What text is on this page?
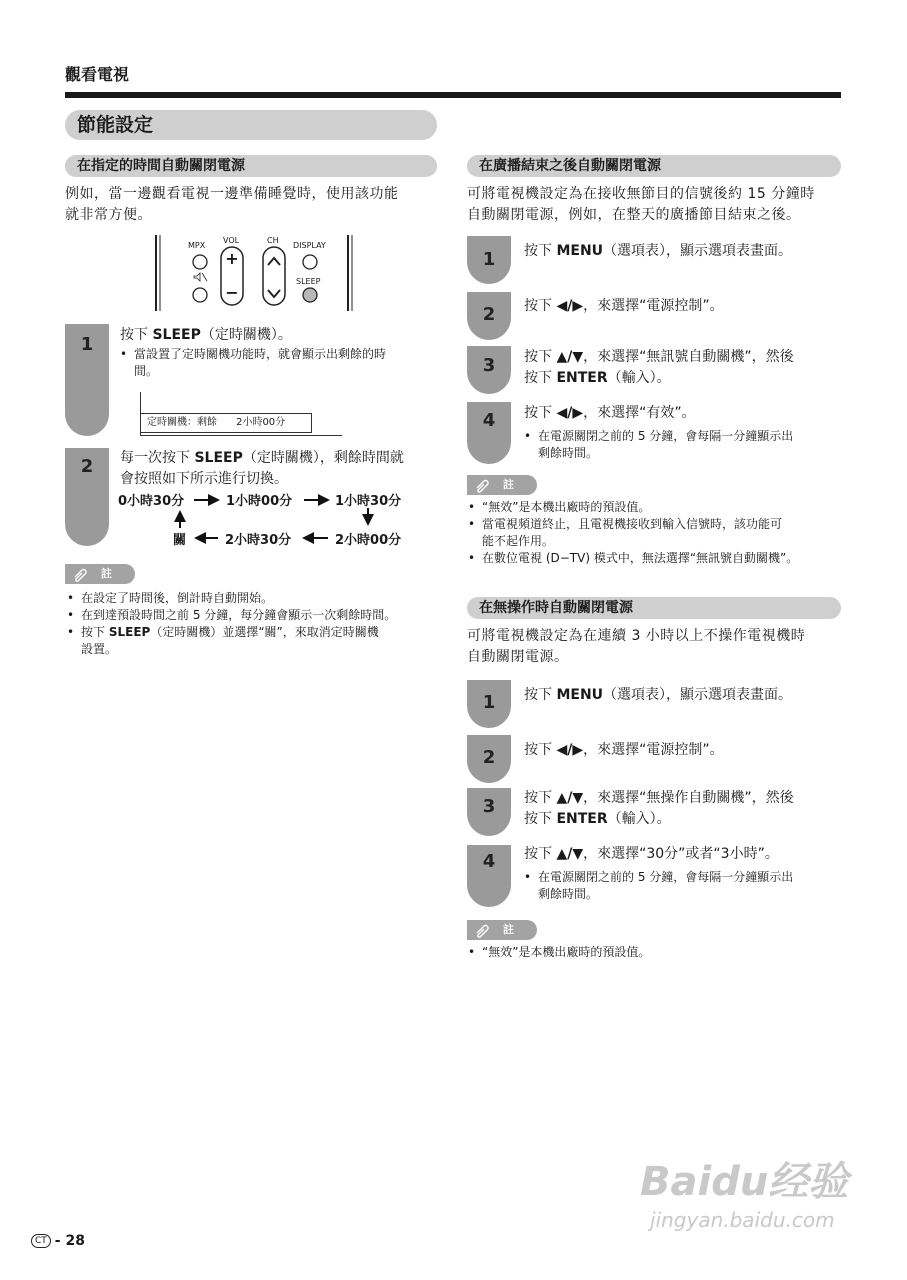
觀看電視
節能設定
在指定的時間自動關閉電源
例如，當一邊觀看電視一邊準備睡覺時，使用該功能
就非常方便。
MPX
VOL	CH
DISPLAY
SLEEP
+
−
1	按下 SLEEP（定時關機）。
• 當設置了定時關機功能時，就會顯示出剩餘的時
間。
定時關機：剩餘 2小時00分
2	每一次按下 SLEEP（定時關機），剩餘時間就
會按照如下所示進行切換。
0小時30分	1小時00分	1小時30分
關	2小時30分	2小時00分
註
• 在設定了時間後，倒計時自動開始。
• 在到達預設時間之前 5 分鐘，每分鐘會顯示一次剩餘時間。
• 按下 SLEEP（定時關機）並選擇“關”，來取消定時關機
設置。
在廣播結束之後自動關閉電源
可將電視機設定為在接收無節目的信號後約 15 分鐘時
自動關閉電源，例如，在整天的廣播節目結束之後。
1	按下 MENU（選項表），顯示選項表畫面。
2	按下 ◀/▶，來選擇“電源控制”。
3	按下 ▲/▼，來選擇“無訊號自動關機”，然後
按下 ENTER（輸入）。
4	按下 ◀/▶，來選擇“有效”。
• 在電源關閉之前的 5 分鐘，會每隔一分鐘顯示出
剩餘時間。
註
• “無效”是本機出廠時的預設值。
• 當電視頻道終止，且電視機接收到輸入信號時，該功能可
能不起作用。
• 在數位電視 (D−TV) 模式中，無法選擇“無訊號自動關機”。
在無操作時自動關閉電源
可將電視機設定為在連續 3 小時以上不操作電視機時
自動關閉電源。
1	按下 MENU（選項表），顯示選項表畫面。
2	按下 ◀/▶，來選擇“電源控制”。
3	按下 ▲/▼，來選擇“無操作自動關機”，然後
按下 ENTER（輸入）。
4	按下 ▲/▼，來選擇“30分”或者“3小時”。
• 在電源關閉之前的 5 分鐘，會每隔一分鐘顯示出
剩餘時間。
註
• “無效”是本機出廠時的預設值。
Baidu经验
jingyan.baidu.com
CT - 28
